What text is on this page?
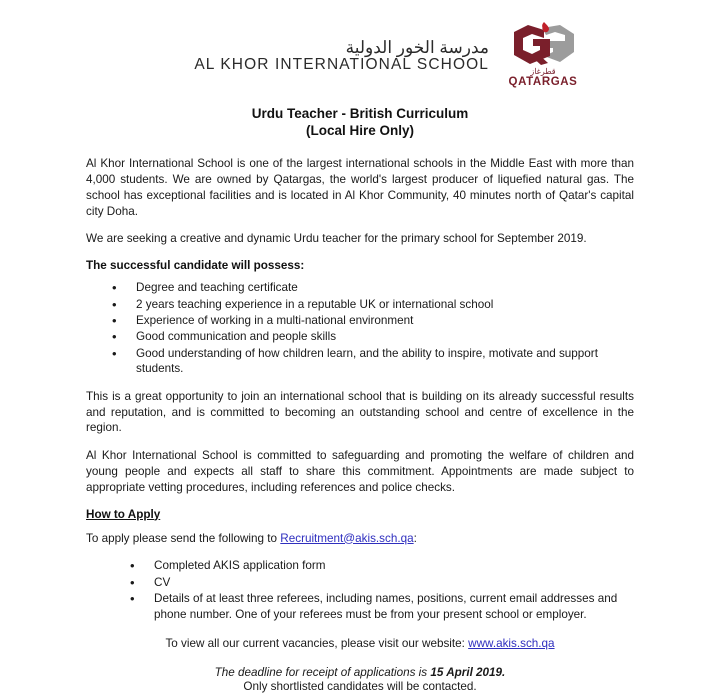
مدرسة الخور الدولية
AL KHOR INTERNATIONAL SCHOOL	قطرغاز
QATARGAS
Urdu Teacher - British Curriculum
(Local Hire Only)

Al Khor International School is one of the largest international schools in the Middle East with more than 4,000 students. We are owned by Qatargas, the world's largest producer of liquefied natural gas. The school has exceptional facilities and is located in Al Khor Community, 40 minutes north of Qatar's capital city Doha.

We are seeking a creative and dynamic Urdu teacher for the primary school for September 2019.

The successful candidate will possess:

• Degree and teaching certificate
• 2 years teaching experience in a reputable UK or international school
• Experience of working in a multi-national environment
• Good communication and people skills
• Good understanding of how children learn, and the ability to inspire, motivate and support students.

This is a great opportunity to join an international school that is building on its already successful results and reputation, and is committed to becoming an outstanding school and centre of excellence in the region.

Al Khor International School is committed to safeguarding and promoting the welfare of children and young people and expects all staff to share this commitment. Appointments are made subject to appropriate vetting procedures, including references and police checks.

How to Apply

To apply please send the following to Recruitment@akis.sch.qa:

• Completed AKIS application form
• CV
• Details of at least three referees, including names, positions, current email addresses and phone number. One of your referees must be from your present school or employer.

To view all our current vacancies, please visit our website: www.akis.sch.qa

The deadline for receipt of applications is 15 April 2019.

Only shortlisted candidates will be contacted.
